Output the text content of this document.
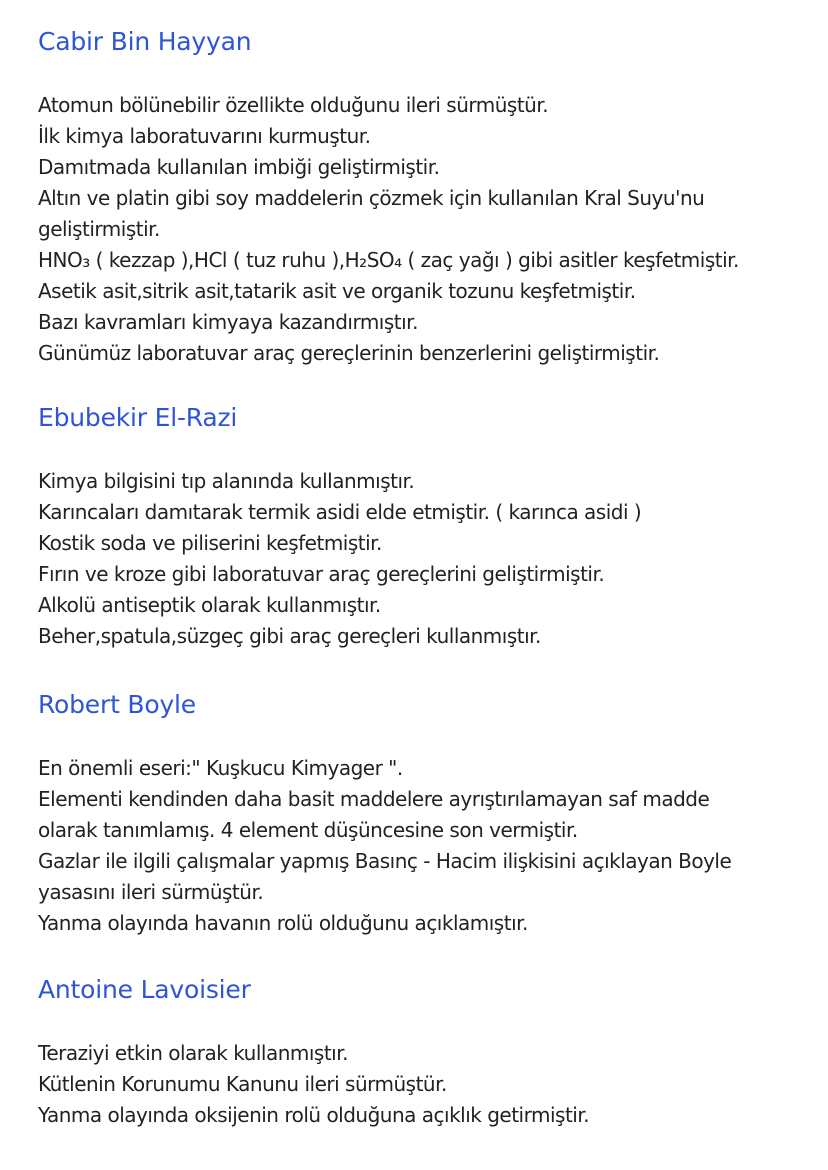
Cabir Bin Hayyan
Atomun bölünebilir özellikte olduğunu ileri sürmüştür.
İlk kimya laboratuvarını kurmuştur.
Damıtmada kullanılan imbiği geliştirmiştir.
Altın ve platin gibi soy maddelerin çözmek için kullanılan Kral Suyu'nu
geliştirmiştir.
HNO₃ ( kezzap ),HCl ( tuz ruhu ),H₂SO₄ ( zaç yağı ) gibi asitler keşfetmiştir.
Asetik asit,sitrik asit,tatarik asit ve organik tozunu keşfetmiştir.
Bazı kavramları kimyaya kazandırmıştır.
Günümüz laboratuvar araç gereçlerinin benzerlerini geliştirmiştir.
Ebubekir El-Razi
Kimya bilgisini tıp alanında kullanmıştır.
Karıncaları damıtarak termik asidi elde etmiştir. ( karınca asidi )
Kostik soda ve piliserini keşfetmiştir.
Fırın ve kroze gibi laboratuvar araç gereçlerini geliştirmiştir.
Alkolü antiseptik olarak kullanmıştır.
Beher,spatula,süzgeç gibi araç gereçleri kullanmıştır.
Robert Boyle
En önemli eseri:" Kuşkucu Kimyager ".
Elementi kendinden daha basit maddelere ayrıştırılamayan saf madde
olarak tanımlamış. 4 element düşüncesine son vermiştir.
Gazlar ile ilgili çalışmalar yapmış Basınç - Hacim ilişkisini açıklayan Boyle
yasasını ileri sürmüştür.
Yanma olayında havanın rolü olduğunu açıklamıştır.
Antoine Lavoisier
Teraziyi etkin olarak kullanmıştır.
Kütlenin Korunumu Kanunu ileri sürmüştür.
Yanma olayında oksijenin rolü olduğuna açıklık getirmiştir.
